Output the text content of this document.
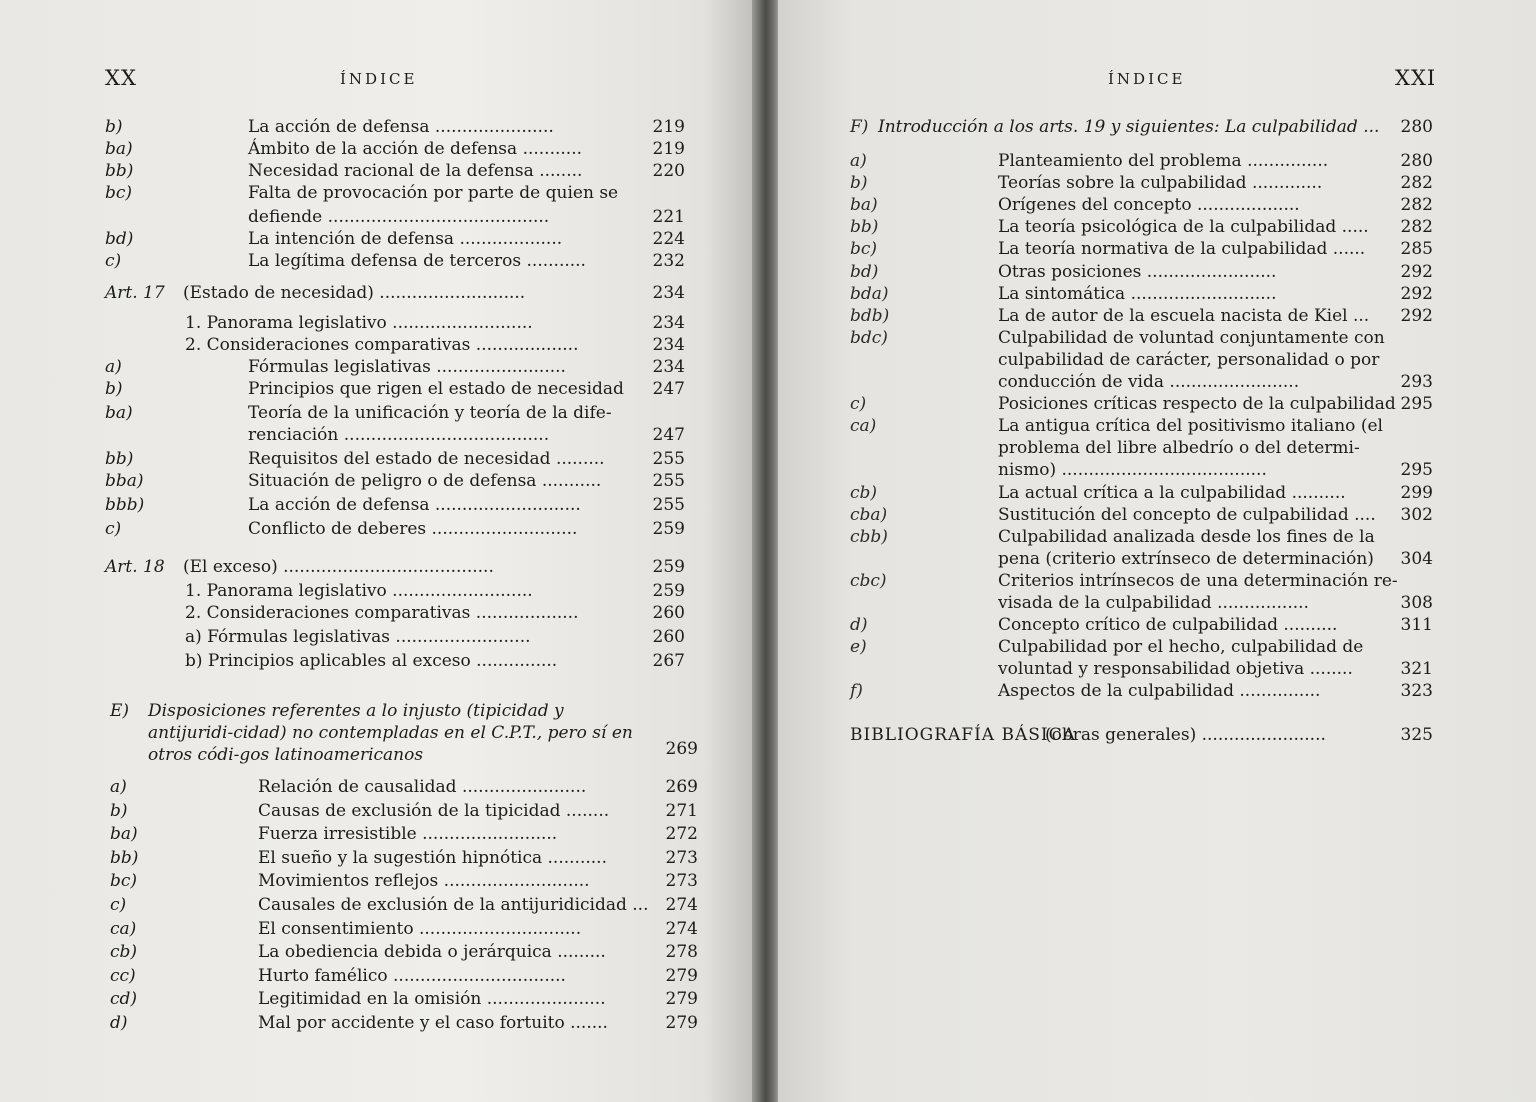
XX	ÍNDICE
b)	La acción de defensa ......................	219
ba)	Ámbito de la acción de defensa ...........	219
bb)	Necesidad racional de la defensa ........	220
bc)	Falta de provocación por parte de quien se
defiende .........................................	221
bd)	La intención de defensa ...................	224
c)	La legítima defensa de terceros ...........	232
Art. 17 (Estado de necesidad) ...........................	234
1. Panorama legislativo ..........................	234
2. Consideraciones comparativas ...................	234
a)	Fórmulas legislativas ........................	234
b)	Principios que rigen el estado de necesidad	247
ba)	Teoría de la unificación y teoría de la dife-
renciación ......................................	247
bb)	Requisitos del estado de necesidad .........	255
bba)	Situación de peligro o de defensa ...........	255
bbb)	La acción de defensa ...........................	255
c)	Conflicto de deberes ...........................	259
Art. 18 (El exceso) .......................................	259
1. Panorama legislativo ..........................	259
2. Consideraciones comparativas ...................	260
a) Fórmulas legislativas .........................	260
b) Principios aplicables al exceso ...............	267
E) Disposiciones referentes a lo injusto (tipicidad y antijuridi-cidad) no contempladas en el C.P.T., pero sí en otros códi-gos latinoamericanos	269
a)	Relación de causalidad .......................	269
b)	Causas de exclusión de la tipicidad ........	271
ba)	Fuerza irresistible .........................	272
bb)	El sueño y la sugestión hipnótica ...........	273
bc)	Movimientos reflejos ...........................	273
c)	Causales de exclusión de la antijuridicidad ...	274
ca)	El consentimiento ..............................	274
cb)	La obediencia debida o jerárquica .........	278
cc)	Hurto famélico ................................	279
cd)	Legitimidad en la omisión ......................	279
d)	Mal por accidente y el caso fortuito .......	279
ÍNDICE	XXI
F) Introducción a los arts. 19 y siguientes: La culpabilidad ...	280
a)	Planteamiento del problema ...............	280
b)	Teorías sobre la culpabilidad .............	282
ba)	Orígenes del concepto ...................	282
bb)	La teoría psicológica de la culpabilidad .....	282
bc)	La teoría normativa de la culpabilidad ......	285
bd)	Otras posiciones ........................	292
bda)	La sintomática ...........................	292
bdb)	La de autor de la escuela nacista de Kiel ...	292
bdc)	Culpabilidad de voluntad conjuntamente con
culpabilidad de carácter, personalidad o por
conducción de vida ........................	293
c)	Posiciones críticas respecto de la culpabilidad 295
ca)	La antigua crítica del positivismo italiano (el
problema del libre albedrío o del determi-
nismo) ......................................	295
cb)	La actual crítica a la culpabilidad ..........	299
cba)	Sustitución del concepto de culpabilidad ....	302
cbb)	Culpabilidad analizada desde los fines de la
pena (criterio extrínseco de determinación)	304
cbc)	Criterios intrínsecos de una determinación re-
visada de la culpabilidad .................	308
d)	Concepto crítico de culpabilidad ..........	311
e)	Culpabilidad por el hecho, culpabilidad de
voluntad y responsabilidad objetiva ........	321
f)	Aspectos de la culpabilidad ...............	323
BIBLIOGRAFÍA BÁSICA
(obras generales) .......................	325
